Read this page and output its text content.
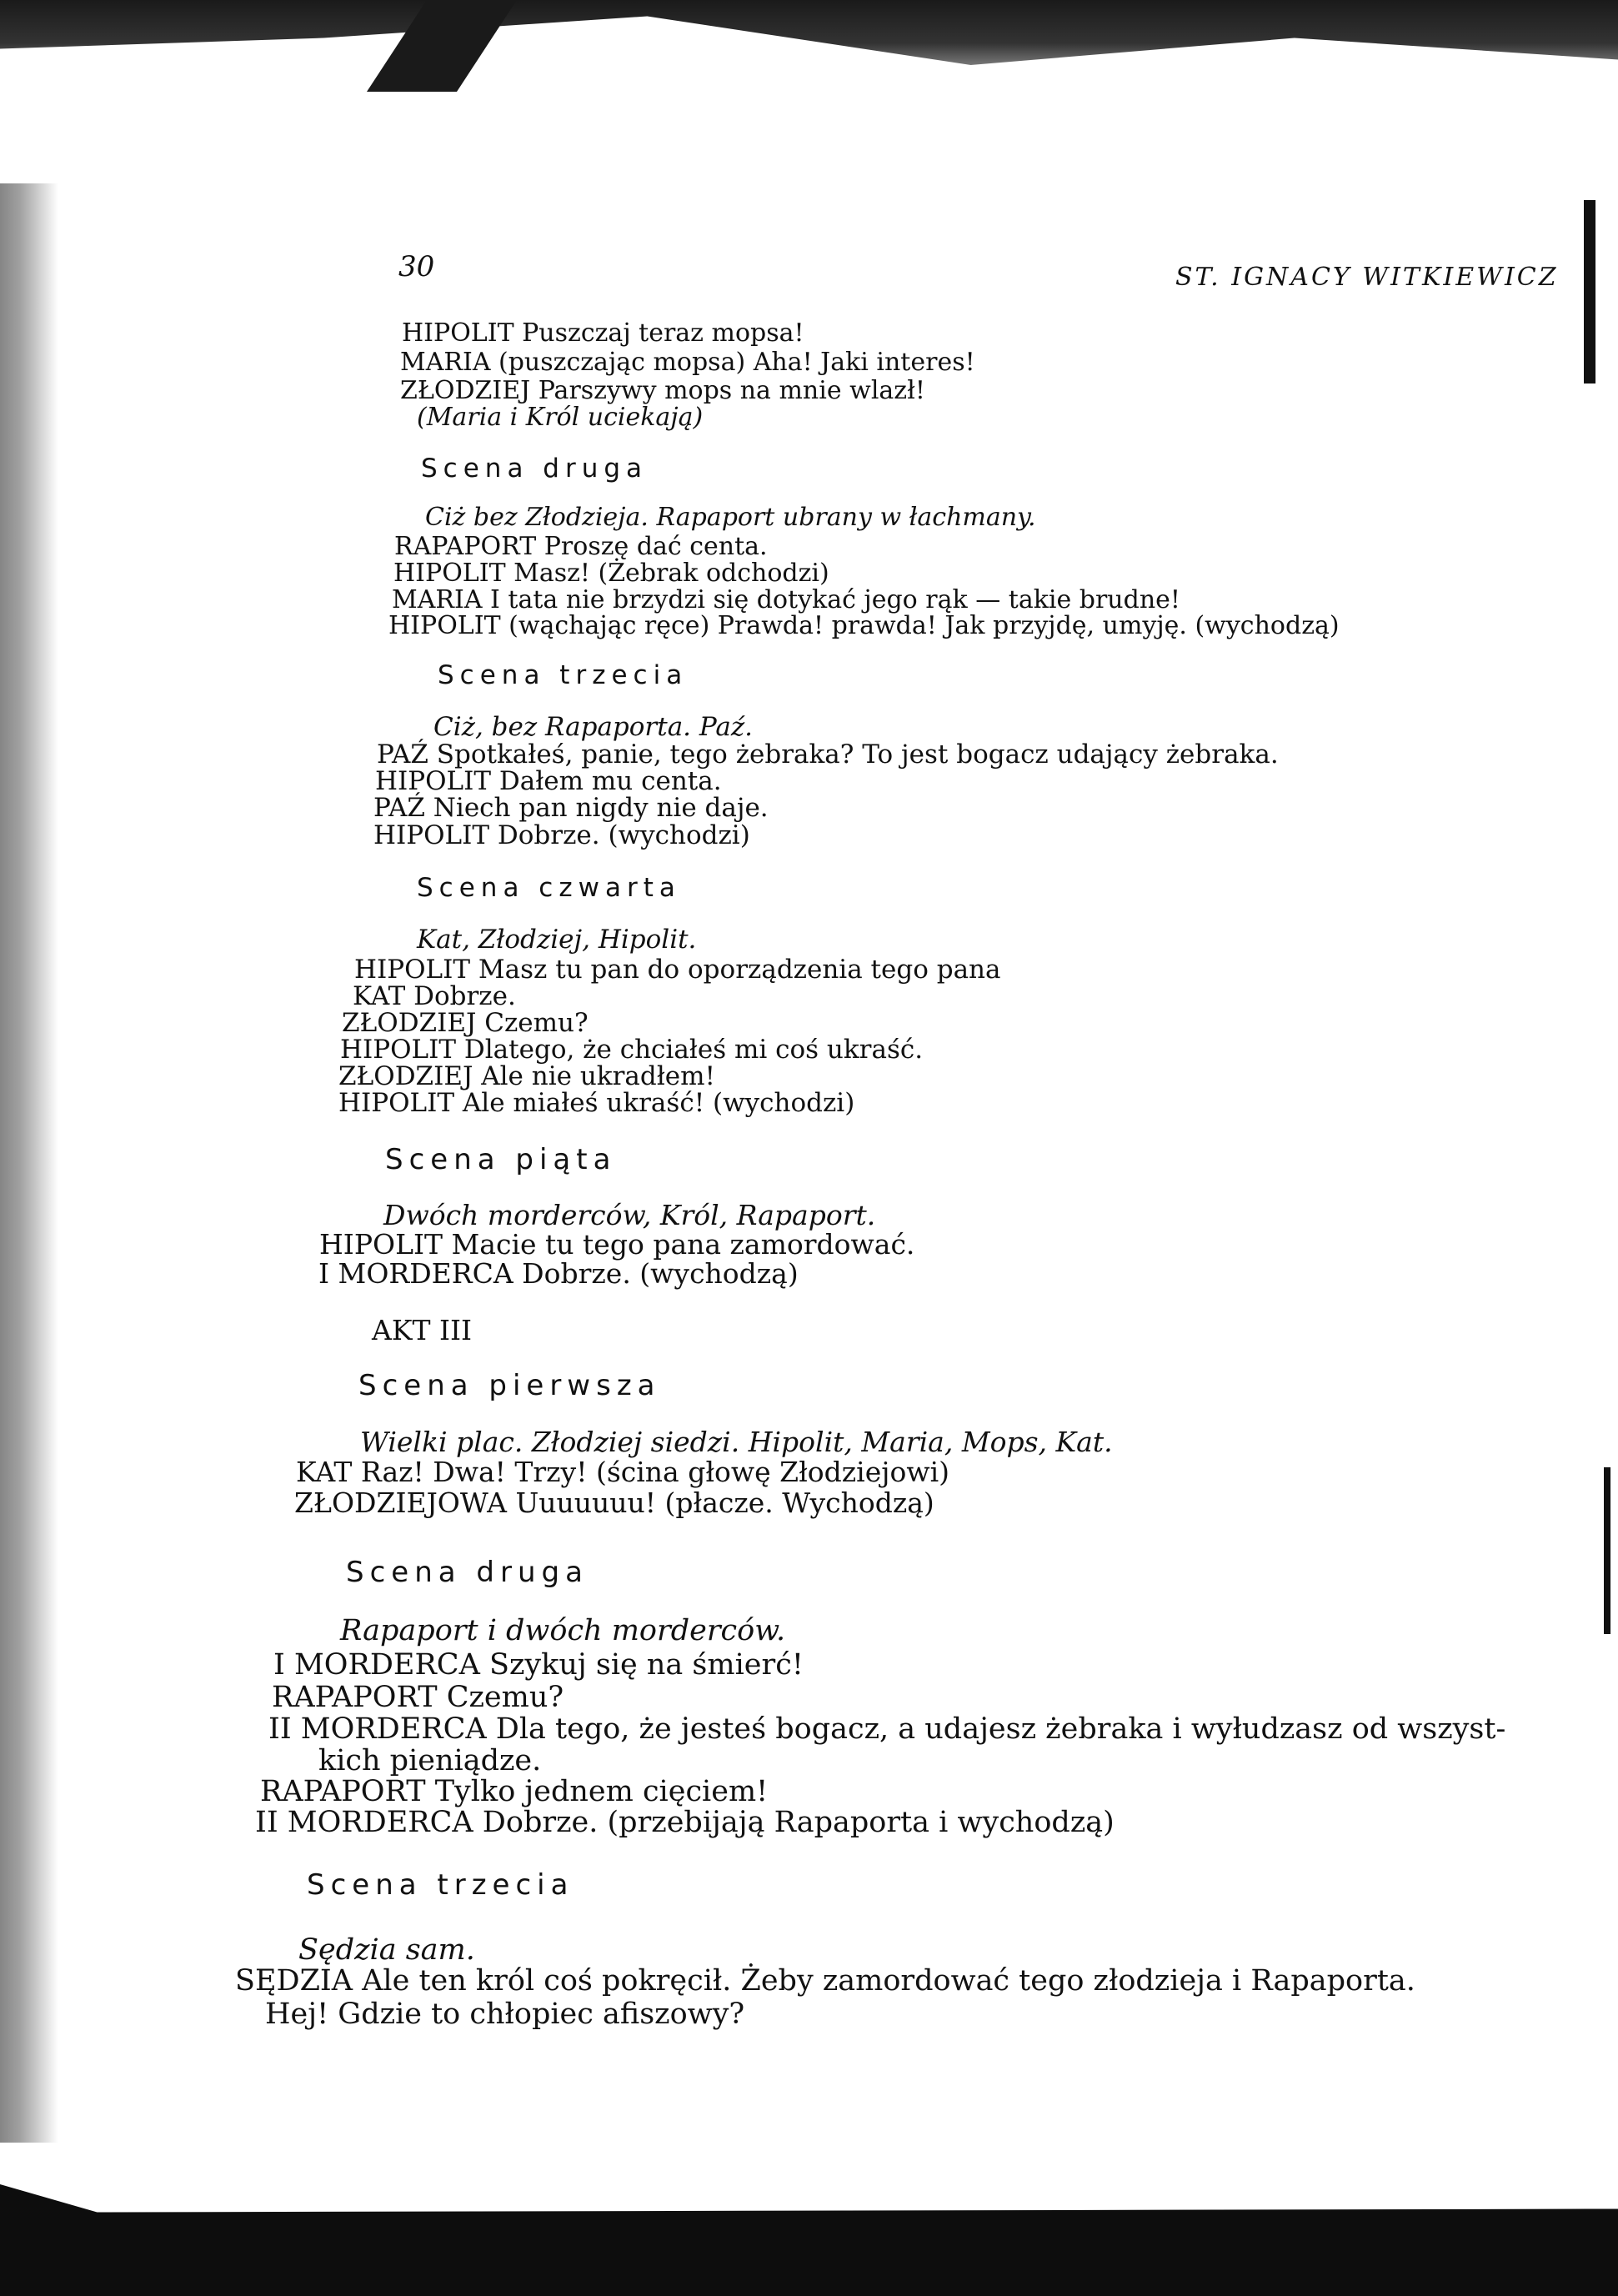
30	ST. IGNACY WITKIEWICZ
HIPOLIT Puszczaj teraz mopsa!
MARIA (puszczając mopsa) Aha! Jaki interes!
ZŁODZIEJ Parszywy mops na mnie wlazł!
(Maria i Król uciekają)
Scena druga
Ciż bez Złodzieja. Rapaport ubrany w łachmany.
RAPAPORT Proszę dać centa.
HIPOLIT Masz! (Żebrak odchodzi)
MARIA I tata nie brzydzi się dotykać jego rąk — takie brudne!
HIPOLIT (wąchając ręce) Prawda! prawda! Jak przyjdę, umyję. (wychodzą)
Scena trzecia
Ciż, bez Rapaporta. Paź.
PAŹ Spotkałeś, panie, tego żebraka? To jest bogacz udający żebraka.
HIPOLIT Dałem mu centa.
PAŹ Niech pan nigdy nie daje.
HIPOLIT Dobrze. (wychodzi)
Scena czwarta
Kat, Złodziej, Hipolit.
HIPOLIT Masz tu pan do oporządzenia tego pana
KAT Dobrze.
ZŁODZIEJ Czemu?
HIPOLIT Dlatego, że chciałeś mi coś ukraść.
ZŁODZIEJ Ale nie ukradłem!
HIPOLIT Ale miałeś ukraść! (wychodzi)
Scena piąta
Dwóch morderców, Król, Rapaport.
HIPOLIT Macie tu tego pana zamordować.
I MORDERCA Dobrze. (wychodzą)
AKT III
Scena pierwsza
Wielki plac. Złodziej siedzi. Hipolit, Maria, Mops, Kat.
KAT Raz! Dwa! Trzy! (ścina głowę Złodziejowi)
ZŁODZIEJOWA Uuuuuuu! (płacze. Wychodzą)
Scena druga
Rapaport i dwóch morderców.
I MORDERCA Szykuj się na śmierć!
RAPAPORT Czemu?
II MORDERCA Dla tego, że jesteś bogacz, a udajesz żebraka i wyłudzasz od wszyst-
kich pieniądze.
RAPAPORT Tylko jednem cięciem!
II MORDERCA Dobrze. (przebijają Rapaporta i wychodzą)
Scena trzecia
Sędzia sam.
SĘDZIA Ale ten król coś pokręcił. Żeby zamordować tego złodzieja i Rapaporta.
Hej! Gdzie to chłopiec afiszowy?
